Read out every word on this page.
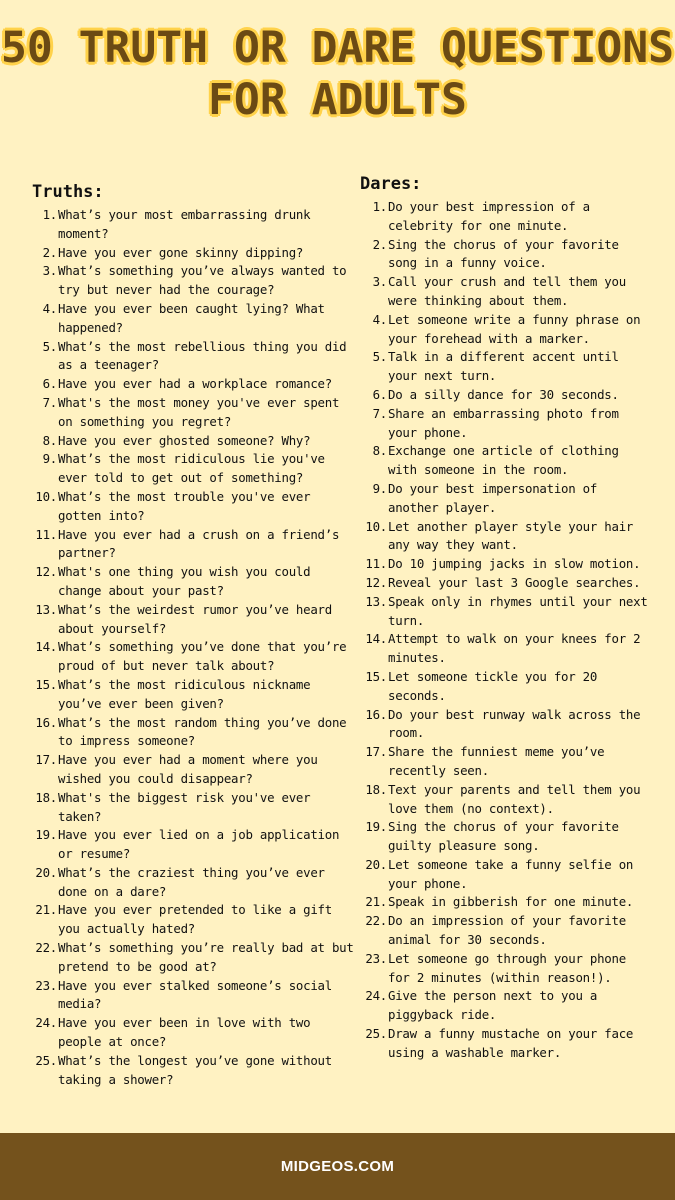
50 TRUTH OR DARE QUESTIONS
FOR ADULTS
Truths:
1. What’s your most embarrassing drunk moment?
2. Have you ever gone skinny dipping?
3. What’s something you’ve always wanted to try but never had the courage?
4. Have you ever been caught lying? What happened?
5. What’s the most rebellious thing you did as a teenager?
6. Have you ever had a workplace romance?
7. What's the most money you've ever spent on something you regret?
8. Have you ever ghosted someone? Why?
9. What’s the most ridiculous lie you've ever told to get out of something?
10. What’s the most trouble you've ever gotten into?
11. Have you ever had a crush on a friend’s partner?
12. What's one thing you wish you could change about your past?
13. What’s the weirdest rumor you’ve heard about yourself?
14. What’s something you’ve done that you’re proud of but never talk about?
15. What’s the most ridiculous nickname you’ve ever been given?
16. What’s the most random thing you’ve done to impress someone?
17. Have you ever had a moment where you wished you could disappear?
18. What's the biggest risk you've ever taken?
19. Have you ever lied on a job application or resume?
20. What’s the craziest thing you’ve ever done on a dare?
21. Have you ever pretended to like a gift you actually hated?
22. What’s something you’re really bad at but pretend to be good at?
23. Have you ever stalked someone’s social media?
24. Have you ever been in love with two people at once?
25. What’s the longest you’ve gone without taking a shower?
Dares:
1. Do your best impression of a celebrity for one minute.
2. Sing the chorus of your favorite song in a funny voice.
3. Call your crush and tell them you were thinking about them.
4. Let someone write a funny phrase on your forehead with a marker.
5. Talk in a different accent until your next turn.
6. Do a silly dance for 30 seconds.
7. Share an embarrassing photo from your phone.
8. Exchange one article of clothing with someone in the room.
9. Do your best impersonation of another player.
10. Let another player style your hair any way they want.
11. Do 10 jumping jacks in slow motion.
12. Reveal your last 3 Google searches.
13. Speak only in rhymes until your next turn.
14. Attempt to walk on your knees for 2 minutes.
15. Let someone tickle you for 20 seconds.
16. Do your best runway walk across the room.
17. Share the funniest meme you’ve recently seen.
18. Text your parents and tell them you love them (no context).
19. Sing the chorus of your favorite guilty pleasure song.
20. Let someone take a funny selfie on your phone.
21. Speak in gibberish for one minute.
22. Do an impression of your favorite animal for 30 seconds.
23. Let someone go through your phone for 2 minutes (within reason!).
24. Give the person next to you a piggyback ride.
25. Draw a funny mustache on your face using a washable marker.
MIDGEOS.COM
